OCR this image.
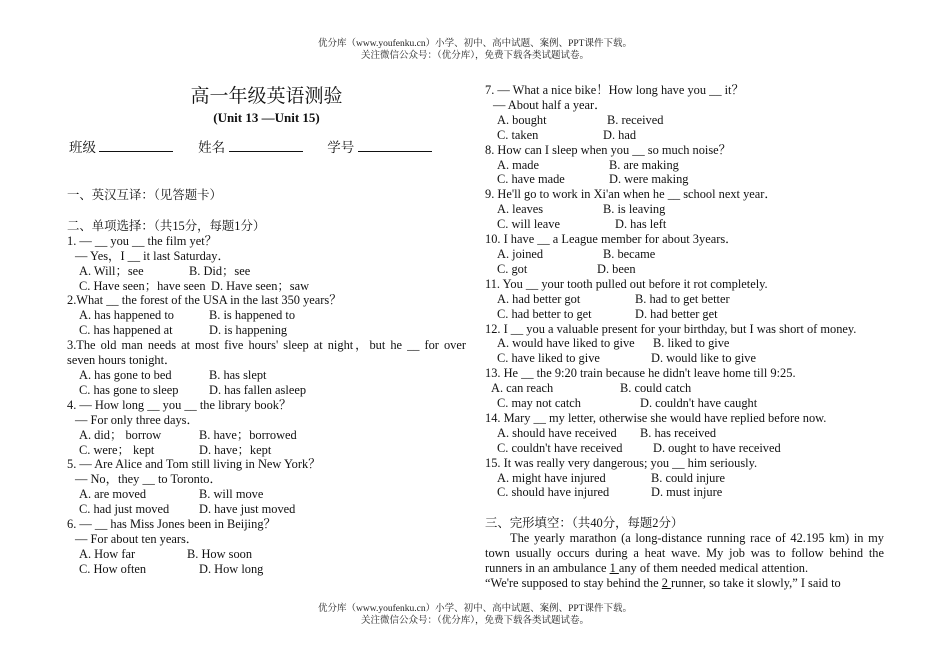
优分库（www.youfenku.cn）小学、初中、高中试题、案例、PPT课件下载。
关注微信公众号：（优分库），免费下载各类试题试卷。
高一年级英语测验
(Unit 13 —Unit 15)
班级	姓名	学号
一、英汉互译：（见答题卡）
二、单项选择：（共15分，每题1分）
1. — __ you __ the film yet？
— Yes，I __ it last Saturday．
A. Will；see	B. Did；see
C. Have seen；have seen D. Have seen；saw
2.What __ the forest of the USA in the last 350 years？
A. has happened to	B. is happened to
C. has happened at	D. is happening
3.The old man needs at most five hours' sleep at night，but he __ for over seven hours tonight．
A. has gone to bed	B. has slept
C. has gone to sleep D. has fallen asleep
4. — How long __ you __ the library book？
— For only three days．
A. did； borrow	B. have；borrowed
C. were； kept	D. have；kept
5. — Are Alice and Tom still living in New York？
— No，they __ to Toronto．
A. are moved	B. will move
C. had just moved D. have just moved
6. — __ has Miss Jones been in Beijing？
— For about ten years．
A. How far	B. How soon
C. How often	D. How long
7. — What a nice bike！How long have you __ it？
— About half a year．
A. bought	B. received
C. taken	D. had
8. How can I sleep when you __ so much noise？
A. made	B. are making
C. have made	D. were making
9. He'll go to work in Xi'an when he __ school next year．
A. leaves	B. is leaving
C. will leave	D. has left
10. I have __ a League member for about 3years．
A. joined	B. became
C. got	D. been
11. You __ your tooth pulled out before it rot completely.
A. had better got	B. had to get better
C. had better to get	D. had better get
12. I __ you a valuable present for your birthday, but I was short of money.
A. would have liked to give B. liked to give
C. have liked to give	D. would like to give
13. He __ the 9:20 train because he didn't leave home till 9:25.
A. can reach	B. could catch
C. may not catch	D. couldn't have caught
14. Mary __ my letter, otherwise she would have replied before now.
A. should have received B. has received
C. couldn't have received D. ought to have received
15. It was really very dangerous; you __ him seriously.
A. might have injured	B. could injure
C. should have injured	D. must injure
三、完形填空：（共40分，每题2分）
The yearly marathon (a long-distance running race of 42.195 km) in my town usually occurs during a heat wave. My job was to follow behind the runners in an ambulance 1 any of them needed medical attention.
“We're supposed to stay behind the 2 runner, so take it slowly,” I said to
优分库（www.youfenku.cn）小学、初中、高中试题、案例、PPT课件下载。
关注微信公众号：（优分库），免费下载各类试题试卷。
